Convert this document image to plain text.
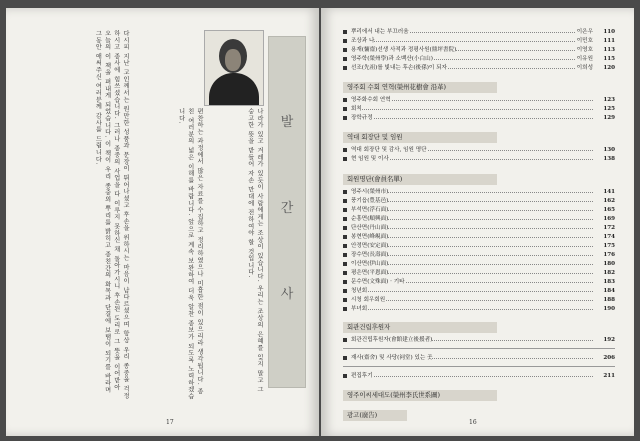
다시피 지난 고인께서는 원만한 성품과 문장이 뛰어나셨고 후손을 위하시는 마음이 남다르셨으며 항상 우리 종중을 걱정하시고 종사에 힘쓰셨습니다. 그러나 종중의 사업을 다 이루지 못하신 채 돌아가시니 후손된 도리로 그 뜻을 이어받아 오늘의 이 책을 펴내게 되었습니다. 이 책이 우리 종중의 뿌리를 밝히고 종친간의 화목과 단결에 보탬이 되기를 바라며 그동안 애써주신 여러분께 감사를 드립니다.
편찬하는 과정에서 많은 자료를 수집하고 정리하였으나 미흡한 점이 있으리라 생각됩니다. 종친 여러분의 넓은 이해를 바랍니다. 앞으로 계속 보완하여 더욱 알찬 종보가 되도록 노력하겠습니다.	나라가 있고 겨레가 있듯이 사람에게는 조상이 있습니다. 우리는 조상의 은혜를 잊지 말고 그 숭고한 뜻을 받들어 자손 만대에 전하여야 할 것입니다.	발
간
사
17
뿌리에서 내는 부끄러움	이은우 110
조상과 나	이민호 111
용재(慵齋)선생 사적과 정평사원(鼎坪書院)	이영호 113
영주학(榮州學)과 소백산(小白山)	이유원 115
선조(先祖)를 빛내는 후손(後孫)이 되자	이희성 120
영주회 수회 연혁(榮州花樹會 沿革)
영주화수회 연혁	123
회칙	125
장학규정	129
역대 회장단 및 임원
역대 회장단 및 감사, 임원 명단	130
현 임원 및 이사	138
회원명단(會員名單)
영주시(榮州市)	141
풍기읍(豊基邑)	162
부석면(浮石面)	165
순흥면(順興面)	169
단산면(丹山面)	172
봉현면(峰峴面)	174
안정면(安定面)	175
장수면(長壽面)	176
이산면(伊山面)	180
평은면(平恩面)	182
문수면(文殊面) · 기타	183
청년회	184
시청 회우회원	188
부녀회	190
회관건립후원자
회관건립후원자(會館建立後援者)	192
재사(齋舍) 및 사당(祠堂) 있는 곳	206
편집후기	211
영주이씨세대도(榮州李氏世系圖)
광고(廣告)
16
